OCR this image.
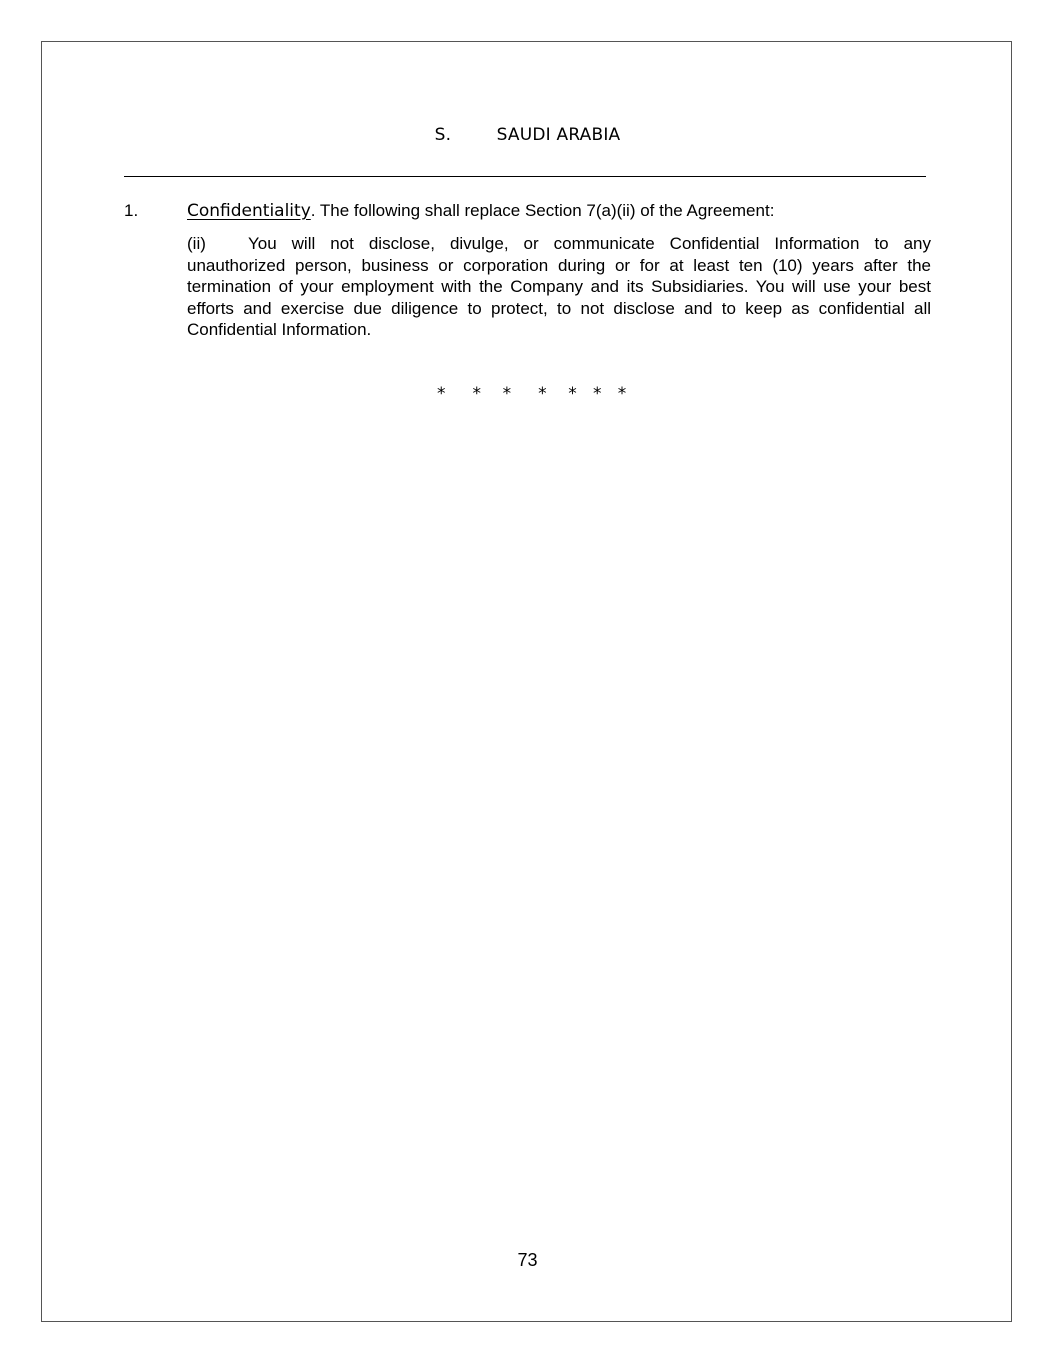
S.	SAUDI ARABIA
1.	Confidentiality. The following shall replace Section 7(a)(ii) of the Agreement:
(ii) You will not disclose, divulge, or communicate Confidential Information to any unauthorized person, business or corporation during or for at least ten (10) years after the termination of your employment with the Company and its Subsidiaries. You will use your best efforts and exercise due diligence to protect, to not disclose and to keep as confidential all Confidential Information.
*     *    *     *    *   *   *
73
